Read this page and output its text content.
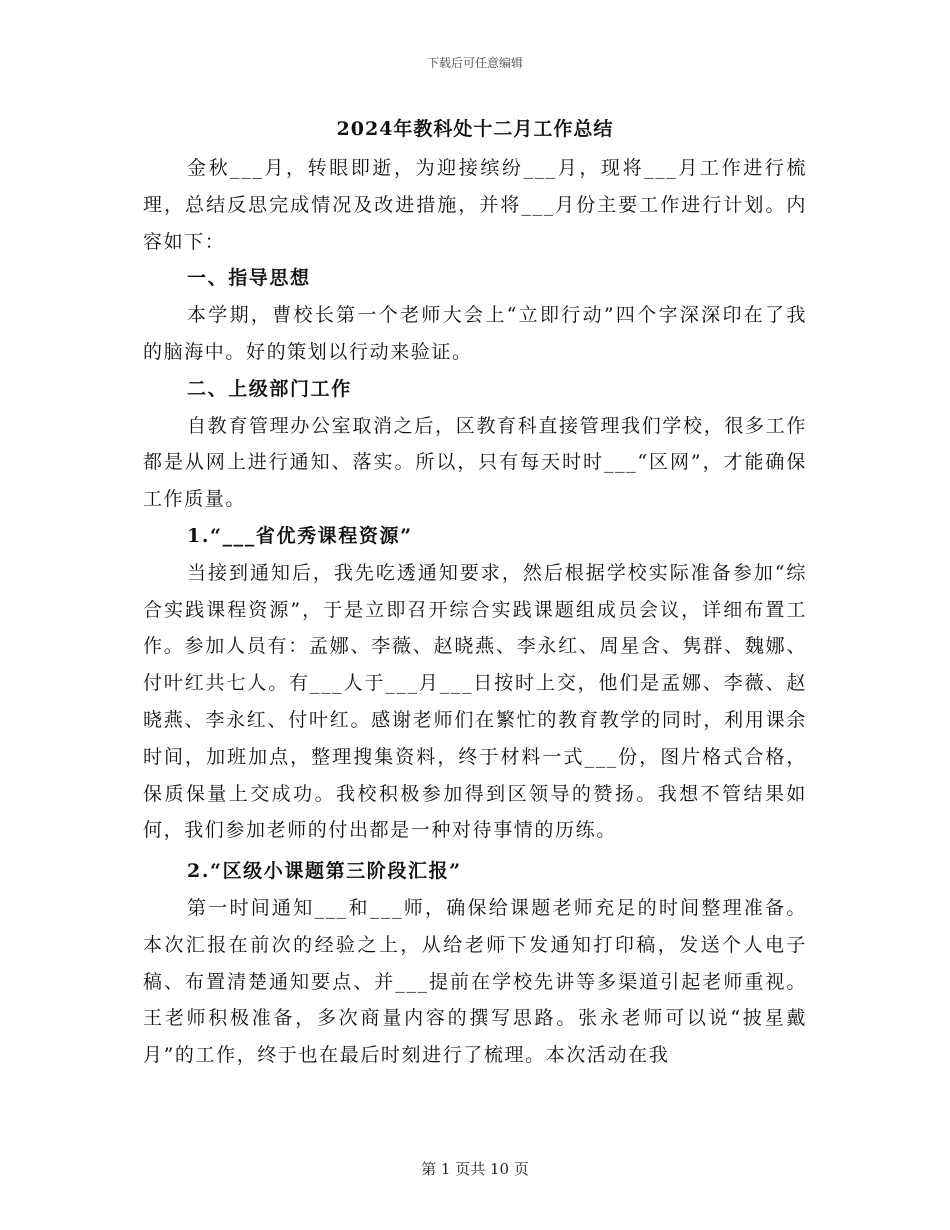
下载后可任意编辑
2024年教科处十二月工作总结

金秋___月，转眼即逝，为迎接缤纷___月，现将___月工作进行梳理，总结反思完成情况及改进措施，并将___月份主要工作进行计划。内容如下：

一、指导思想

本学期，曹校长第一个老师大会上“立即行动”四个字深深印在了我的脑海中。好的策划以行动来验证。

二、上级部门工作

自教育管理办公室取消之后，区教育科直接管理我们学校，很多工作都是从网上进行通知、落实。所以，只有每天时时___“区网”，才能确保工作质量。

1.“___省优秀课程资源”

当接到通知后，我先吃透通知要求，然后根据学校实际准备参加“综合实践课程资源”，于是立即召开综合实践课题组成员会议，详细布置工作。参加人员有：孟娜、李薇、赵晓燕、李永红、周星含、隽群、魏娜、付叶红共七人。有___人于___月___日按时上交，他们是孟娜、李薇、赵晓燕、李永红、付叶红。感谢老师们在繁忙的教育教学的同时，利用课余时间，加班加点，整理搜集资料，终于材料一式___份，图片格式合格，保质保量上交成功。我校积极参加得到区领导的赞扬。我想不管结果如何，我们参加老师的付出都是一种对待事情的历练。

2.“区级小课题第三阶段汇报”

第一时间通知___和___师，确保给课题老师充足的时间整理准备。本次汇报在前次的经验之上，从给老师下发通知打印稿，发送个人电子稿、布置清楚通知要点、并___提前在学校先讲等多渠道引起老师重视。王老师积极准备，多次商量内容的撰写思路。张永老师可以说“披星戴月”的工作，终于也在最后时刻进行了梳理。本次活动在我

第 1 页共 10 页
